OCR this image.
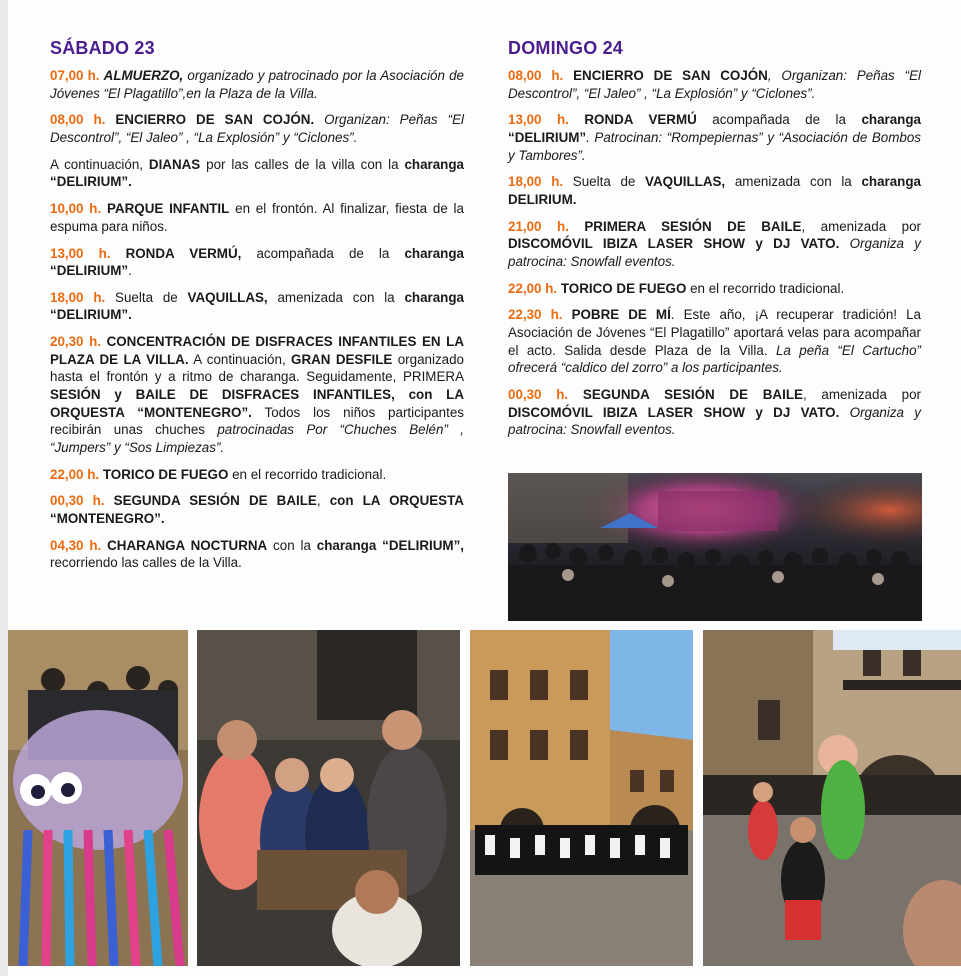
SÁBADO 23

07,00 h. ALMUERZO, organizado y patrocinado por la Asociación de Jóvenes “El Plagatillo”,en la Plaza de la Villa.

08,00 h. ENCIERRO DE SAN COJÓN. Organizan: Peñas “El Descontrol”, “El Jaleo” , “La Explosión” y “Ciclones”.

A continuación, DIANAS por las calles de la villa con la charanga “DELIRIUM”.

10,00 h. PARQUE INFANTIL en el frontón. Al finalizar, fiesta de la espuma para niños.

13,00 h. RONDA VERMÚ, acompañada de la charanga “DELIRIUM”.

18,00 h. Suelta de VAQUILLAS, amenizada con la charanga “DELIRIUM”.

20,30 h. CONCENTRACIÓN DE DISFRACES INFANTILES EN LA PLAZA DE LA VILLA. A continuación, GRAN DESFILE organizado hasta el frontón y a ritmo de charanga. Seguidamente, PRIMERA SESIÓN y BAILE DE DISFRACES INFANTILES, con LA ORQUESTA “MONTENEGRO”. Todos los niños participantes recibirán unas chuches patrocinadas Por “Chuches Belén” , “Jumpers” y “Sos Limpiezas”.

22,00 h. TORICO DE FUEGO en el recorrido tradicional.

00,30 h. SEGUNDA SESIÓN DE BAILE, con LA ORQUESTA “MONTENEGRO”.

04,30 h. CHARANGA NOCTURNA con la charanga “DELIRIUM”, recorriendo las calles de la Villa.

DOMINGO 24

08,00 h. ENCIERRO DE SAN COJÓN, Organizan: Peñas “El Descontrol”, “El Jaleo” , “La Explosión” y “Ciclones”.

13,00 h. RONDA VERMÚ acompañada de la charanga “DELIRIUM”. Patrocinan: “Rompepiernas” y “Asociación de Bombos y Tambores”.

18,00 h. Suelta de VAQUILLAS, amenizada con la charanga DELIRIUM.

21,00 h. PRIMERA SESIÓN DE BAILE, amenizada por DISCOMÓVIL IBIZA LASER SHOW y DJ VATO. Organiza y patrocina: Snowfall eventos.

22,00 h. TORICO DE FUEGO en el recorrido tradicional.

22,30 h. POBRE DE MÍ. Este año, ¡A recuperar tradición! La Asociación de Jóvenes “El Plagatillo” aportará velas para acompañar el acto. Salida desde Plaza de la Villa. La peña “El Cartucho” ofrecerá “caldico del zorro” a los participantes.

00,30 h. SEGUNDA SESIÓN DE BAILE, amenizada por DISCOMÓVIL IBIZA LASER SHOW y DJ VATO. Organiza y patrocina: Snowfall eventos.
